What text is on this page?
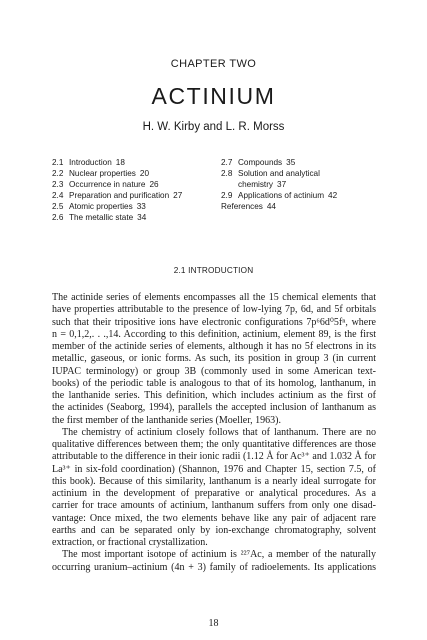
CHAPTER TWO
ACTINIUM
H. W. Kirby and L. R. Morss
2.1 Introduction 18
2.2 Nuclear properties 20
2.3 Occurrence in nature 26
2.4 Preparation and purification 27
2.5 Atomic properties 33
2.6 The metallic state 34
2.7 Compounds 35
2.8 Solution and analytical
chemistry 37
2.9 Applications of actinium 42
References 44
2.1 INTRODUCTION
The actinide series of elements encompasses all the 15 chemical elements that
have properties attributable to the presence of low-lying 7p, 6d, and 5f orbitals
such that their tripositive ions have electronic configurations 7p⁶6d⁰5fⁿ, where
n = 0,1,2,. . .,14. According to this definition, actinium, element 89, is the first
member of the actinide series of elements, although it has no 5f electrons in its
metallic, gaseous, or ionic forms. As such, its position in group 3 (in current
IUPAC terminology) or group 3B (commonly used in some American text-
books) of the periodic table is analogous to that of its homolog, lanthanum, in
the lanthanide series. This definition, which includes actinium as the first of
the actinides (Seaborg, 1994), parallels the accepted inclusion of lanthanum as
the first member of the lanthanide series (Moeller, 1963).
The chemistry of actinium closely follows that of lanthanum. There are no
qualitative differences between them; the only quantitative differences are those
attributable to the difference in their ionic radii (1.12 Å for Ac³⁺ and 1.032 Å for
La³⁺ in six-fold coordination) (Shannon, 1976 and Chapter 15, section 7.5, of
this book). Because of this similarity, lanthanum is a nearly ideal surrogate for
actinium in the development of preparative or analytical procedures. As a
carrier for trace amounts of actinium, lanthanum suffers from only one disad-
vantage: Once mixed, the two elements behave like any pair of adjacent rare
earths and can be separated only by ion-exchange chromatography, solvent
extraction, or fractional crystallization.
The most important isotope of actinium is ²²⁷Ac, a member of the naturally
occurring uranium–actinium (4n + 3) family of radioelements. Its applications
18
